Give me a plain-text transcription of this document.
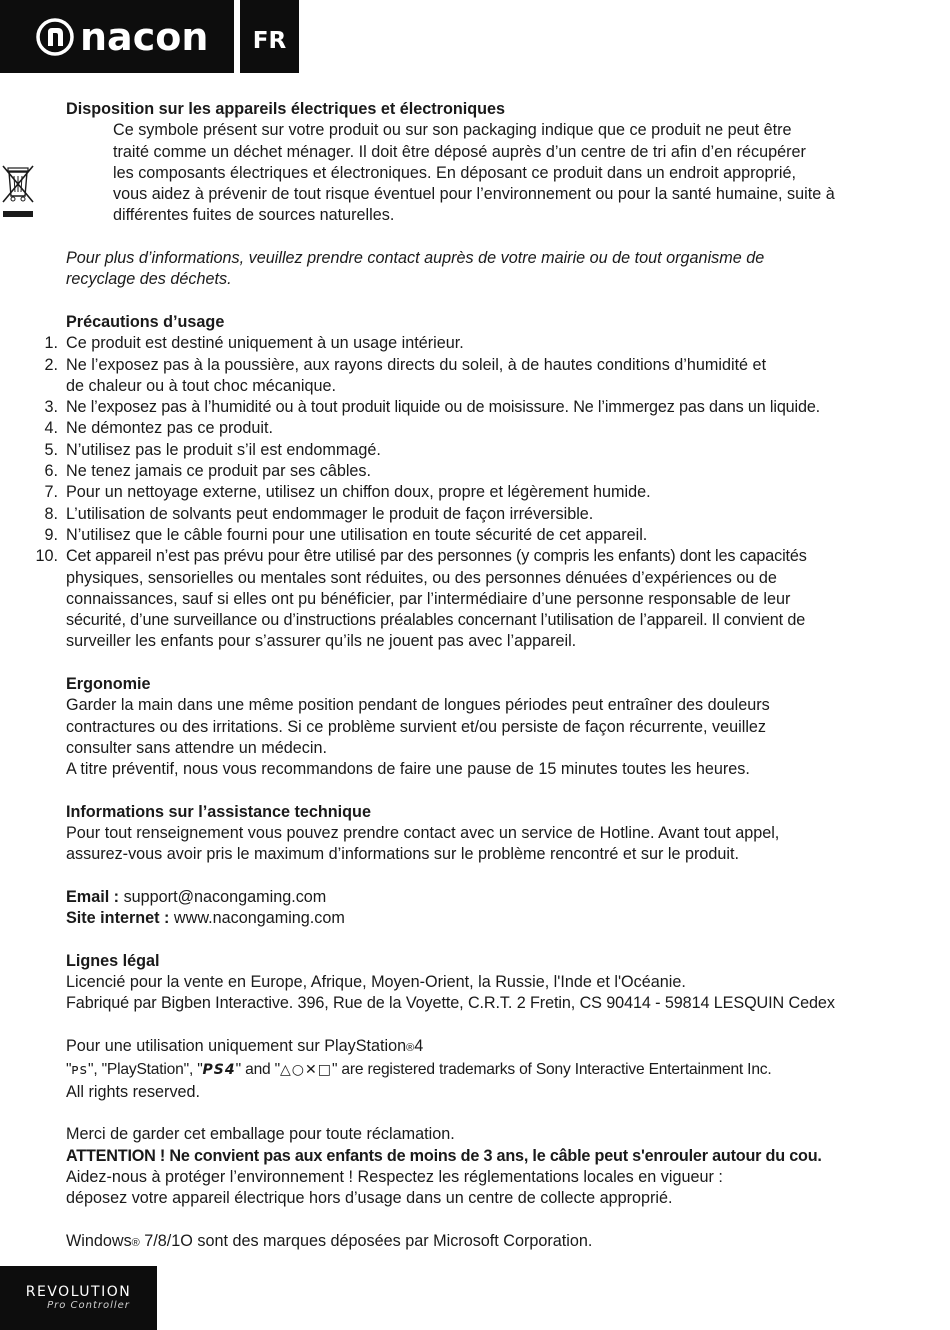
nacon	FR

Disposition sur les appareils électriques et électroniques

Ce symbole présent sur votre produit ou sur son packaging indique que ce produit ne peut être

traité comme un déchet ménager. Il doit être déposé auprès d’un centre de tri afin d’en récupérer

les composants électriques et électroniques. En déposant ce produit dans un endroit approprié,

vous aidez à prévenir de tout risque éventuel pour l’environnement ou pour la santé humaine, suite à

différentes fuites de sources naturelles.

Pour plus d’informations, veuillez prendre contact auprès de votre mairie ou de tout organisme de

recyclage des déchets.

Précautions d’usage

1. Ce produit est destiné uniquement à un usage intérieur.

2. Ne l’exposez pas à la poussière, aux rayons directs du soleil, à de hautes conditions d’humidité et

de chaleur ou à tout choc mécanique.

3. Ne l’exposez pas à l’humidité ou à tout produit liquide ou de moisissure. Ne l’immergez pas dans un liquide.

4. Ne démontez pas ce produit.

5. N’utilisez pas le produit s’il est endommagé.

6. Ne tenez jamais ce produit par ses câbles.

7. Pour un nettoyage externe, utilisez un chiffon doux, propre et légèrement humide.

8. L’utilisation de solvants peut endommager le produit de façon irréversible.

9. N’utilisez que le câble fourni pour une utilisation en toute sécurité de cet appareil.

10. Cet appareil n’est pas prévu pour être utilisé par des personnes (y compris les enfants) dont les capacités

physiques, sensorielles ou mentales sont réduites, ou des personnes dénuées d’expériences ou de

connaissances, sauf si elles ont pu bénéficier, par l’intermédiaire d’une personne responsable de leur

sécurité, d’une surveillance ou d’instructions préalables concernant l’utilisation de l’appareil. Il convient de

surveiller les enfants pour s’assurer qu’ils ne jouent pas avec l’appareil.

Ergonomie

Garder la main dans une même position pendant de longues périodes peut entraîner des douleurs

contractures ou des irritations. Si ce problème survient et/ou persiste de façon récurrente, veuillez

consulter sans attendre un médecin.

A titre préventif, nous vous recommandons de faire une pause de 15 minutes toutes les heures.

Informations sur l’assistance technique

Pour tout renseignement vous pouvez prendre contact avec un service de Hotline. Avant tout appel,

assurez-vous avoir pris le maximum d’informations sur le problème rencontré et sur le produit.

Email : support@nacongaming.com

Site internet : www.nacongaming.com

Lignes légal

Licencié pour la vente en Europe, Afrique, Moyen-Orient, la Russie, l'Inde et l'Océanie.

Fabriqué par Bigben Interactive. 396, Rue de la Voyette, C.R.T. 2 Fretin, CS 90414 - 59814 LESQUIN Cedex

Pour une utilisation uniquement sur PlayStation®4

"ᴘꜱ", "PlayStation", "PS4" and "△○✕□" are registered trademarks of Sony Interactive Entertainment Inc.

All rights reserved.

Merci de garder cet emballage pour toute réclamation.

ATTENTION ! Ne convient pas aux enfants de moins de 3 ans, le câble peut s'enrouler autour du cou.

Aidez-nous à protéger l’environnement ! Respectez les réglementations locales en vigueur :

déposez votre appareil électrique hors d’usage dans un centre de collecte approprié.

Windows® 7/8/1O sont des marques déposées par Microsoft Corporation.

REVOLUTION
Pro Controller
